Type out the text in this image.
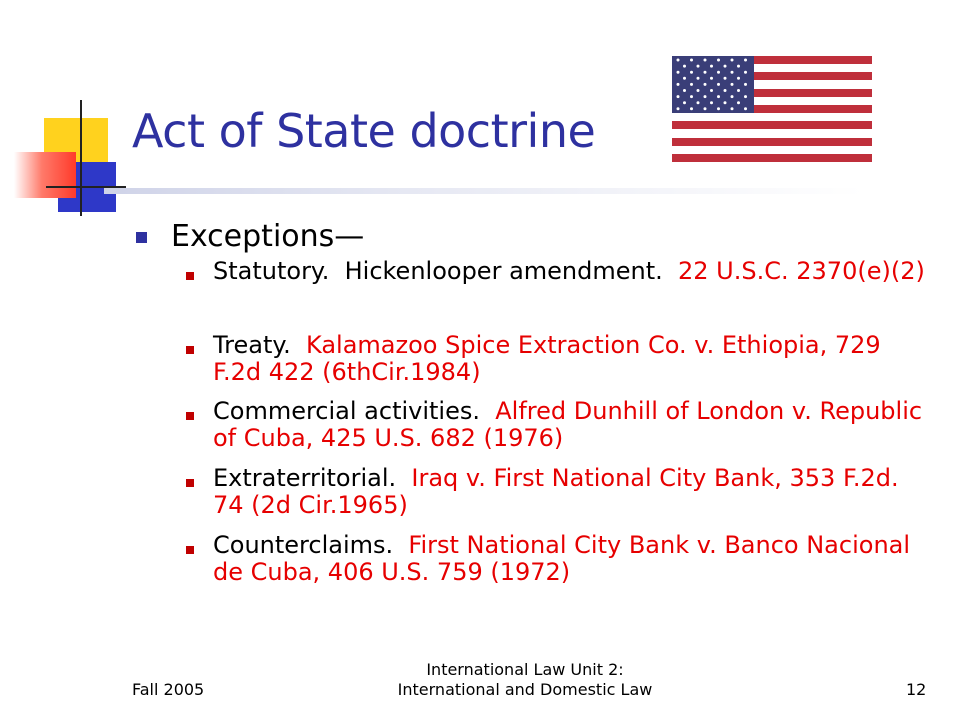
Act of State doctrine
Exceptions—
Statutory.  Hickenlooper amendment.  22 U.S.C. 2370(e)(2)
Treaty.  Kalamazoo Spice Extraction Co. v. Ethiopia, 729 F.2d 422 (6thCir.1984)
Commercial activities.  Alfred Dunhill of London v. Republic of Cuba, 425 U.S. 682 (1976)
Extraterritorial.  Iraq v. First National City Bank, 353 F.2d. 74 (2d Cir.1965)
Counterclaims.  First National City Bank v. Banco Nacional de Cuba, 406 U.S. 759 (1972)
Fall 2005
International Law Unit 2:
International and Domestic Law	12
